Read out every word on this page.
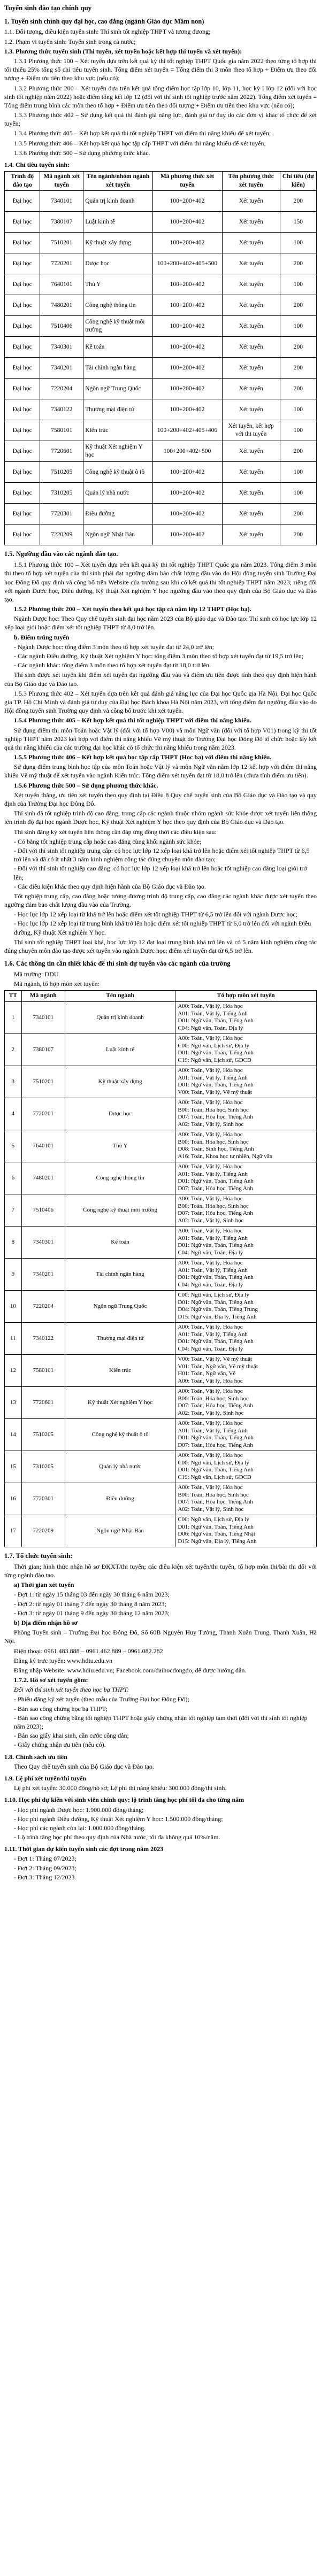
Tuyển sinh đào tạo chính quy
1. Tuyển sinh chính quy đại học, cao đẳng (ngành Giáo dục Mầm non)

1.1. Đối tượng, điều kiện tuyển sinh: Thí sinh tốt nghiệp THPT và tương đương;

1.2. Phạm vi tuyển sinh: Tuyển sinh trong cả nước;

1.3. Phương thức tuyển sinh (Thi tuyển, xét tuyển hoặc kết hợp thi tuyển và xét tuyển):

1.3.1 Phương thức 100 – Xét tuyển dựa trên kết quả kỳ thi tốt nghiệp THPT Quốc gia năm 2022 theo từng tổ hợp thi tối thiểu 25% tổng số chỉ tiêu tuyển sinh. Tổng điểm xét tuyển = Tổng điểm thi 3 môn theo tổ hợp + Điểm ưu theo đối tượng + Điểm ưu tiên theo khu vực (nếu có);

1.3.2 Phương thức 200 – Xét tuyển dựa trên kết quả tổng điểm học tập lớp 10, lớp 11, học kỳ I lớp 12 (đối với học sinh tốt nghiệp năm 2022) hoặc điểm tổng kết lớp 12 (đối với thí sinh tốt nghiệp trước năm 2022). Tổng điểm xét tuyển = Tổng điểm trung bình các môn theo tổ hợp + Điểm ưu tiên theo đối tượng + Điểm ưu tiên theo khu vực (nếu có);

1.3.3 Phương thức 402 – Sử dụng kết quả thi đánh giá năng lực, đánh giá tư duy do các đơn vị khác tổ chức để xét tuyển;

1.3.4 Phương thức 405 – Kết hợp kết quả thi tốt nghiệp THPT với điểm thi năng khiếu để xét tuyển;

1.3.5 Phương thức 406 – Kết hợp kết quả học tập cấp THPT với điểm thi năng khiếu để xét tuyển;

1.3.6 Phương thức 500 – Sử dụng phương thức khác.

1.4. Chỉ tiêu tuyển sinh:
Trình độ đào tạo	Mã ngành xét tuyển	Tên ngành/nhóm ngành xét tuyển	Mã phương thức xét tuyển	Tên phương thức xét tuyển	Chỉ tiêu (dự kiến)
Đại học	7340101	Quản trị kinh doanh	100+200+402	Xét tuyển	200
Đại học	7380107	Luật kinh tế	100+200+402	Xét tuyển	150
Đại học	7510201	Kỹ thuật xây dựng	100+200+402	Xét tuyển	100
Đại học	7720201	Dược học	100+200+402+405+500	Xét tuyển	200
Đại học	7640101	Thú Y	100+200+402	Xét tuyển	100
Đại học	7480201	Công nghệ thông tin	100+200+402	Xét tuyển	200
Đại học	7510406	Công nghệ kỹ thuật môi trường	100+200+402	Xét tuyển	100
Đại học	7340301	Kế toán	100+200+402	Xét tuyển	200
Đại học	7340201	Tài chính ngân hàng	100+200+402	Xét tuyển	200
Đại học	7220204	Ngôn ngữ Trung Quốc	100+200+402	Xét tuyển	200
Đại học	7340122	Thương mại điện tử	100+200+402	Xét tuyển	100
Đại học	7580101	Kiến trúc	100+200+402+405+406	Xét tuyển, kết hợp với thi tuyển	100
Đại học	7720601	Kỹ thuật Xét nghiệm Y học	100+200+402+500	Xét tuyển	200
Đại học	7510205	Công nghệ kỹ thuật ô tô	100+200+402	Xét tuyển	100
Đại học	7310205	Quản lý nhà nước	100+200+402	Xét tuyển	100
Đại học	7720301	Điều dưỡng	100+200+402	Xét tuyển	200
Đại học	7220209	Ngôn ngữ Nhật Bản	100+200+402	Xét tuyển	200
1.5. Ngưỡng đầu vào các ngành đào tạo.

1.5.1 Phương thức 100 – Xét tuyển dựa trên kết quả kỳ thi tốt nghiệp THPT Quốc gia năm 2023. Tổng điểm 3 môn thi theo tổ hợp xét tuyển của thí sinh phải đạt ngưỡng đảm bảo chất lượng đầu vào do Hội đồng tuyển sinh Trường Đại học Đông Đô quy định và công bố trên Website của trường sau khi có kết quả thi tốt nghiệp THPT năm 2023; riêng đối với ngành Dược học, Điều dưỡng, Kỹ thuật Xét nghiệm Y học ngưỡng đầu vào theo quy định của Bộ Giáo dục và Đào tạo.

1.5.2 Phương thức 200 – Xét tuyển theo kết quả học tập cả năm lớp 12 THPT (Học bạ).

Ngành Dược học: Theo Quy chế tuyển sinh đại học năm 2023 của Bộ giáo dục và Đào tạo: Thí sinh có học lực lớp 12 xếp loại giỏi hoặc điểm xét tốt nghiệp THPT từ 8,0 trở lên.

b. Điểm trúng tuyển

- Ngành Dược học: tổng điểm 3 môn theo tổ hợp xét tuyển đạt từ 24,0 trở lên;
- Các ngành Điều dưỡng, Kỹ thuật Xét nghiệm Y học: tổng điểm 3 môn theo tổ hợp xét tuyển đạt từ 19,5 trở lên;
- Các ngành khác: tổng điểm 3 môn theo tổ hợp xét tuyển đạt từ 18,0 trở lên.

Thí sinh được xét tuyển khi điểm xét tuyển đạt ngưỡng đầu vào và điểm ưu tiên được tính theo quy định hiện hành của Bộ Giáo dục và Đào tạo.

1.5.3 Phương thức 402 – Xét tuyển dựa trên kết quả đánh giá năng lực của Đại học Quốc gia Hà Nội, Đại học Quốc gia TP. Hồ Chí Minh và đánh giá tư duy của Đại học Bách khoa Hà Nội năm 2023, với tổng điểm đạt ngưỡng đầu vào do Hội đồng tuyển sinh Trường quy định và công bố trước khi xét tuyển.

1.5.4 Phương thức 405 – Kết hợp kết quả thi tốt nghiệp THPT với điểm thi năng khiếu.

Sử dụng điểm thi môn Toán hoặc Vật lý (đối với tổ hợp V00) và môn Ngữ văn (đối với tổ hợp V01) trong kỳ thi tốt nghiệp THPT năm 2023 kết hợp với điểm thi năng khiếu Vẽ mỹ thuật do Trường Đại học Đông Đô tổ chức hoặc lấy kết quả thi năng khiếu của các trường đại học khác có tổ chức thi năng khiếu trong năm 2023.

1.5.5 Phương thức 406 – Kết hợp kết quả học tập cấp THPT (Học bạ) với điểm thi năng khiếu.

Sử dụng điểm trung bình học tập của môn Toán hoặc Vật lý và môn Ngữ văn năm lớp 12 kết hợp với điểm thi năng khiếu Vẽ mỹ thuật để xét tuyển vào ngành Kiến trúc. Tổng điểm xét tuyển đạt từ 18,0 trở lên (chưa tính điểm ưu tiên).

1.5.6 Phương thức 500 – Sử dụng phương thức khác.

Xét tuyển thẳng, ưu tiên xét tuyển theo quy định tại Điều 8 Quy chế tuyển sinh của Bộ Giáo dục và Đào tạo và quy định của Trường Đại học Đông Đô.

Thí sinh đã tốt nghiệp trình độ cao đẳng, trung cấp các ngành thuộc nhóm ngành sức khỏe được xét tuyển liên thông lên trình độ đại học ngành Dược học, Kỹ thuật Xét nghiệm Y học theo quy định của Bộ Giáo dục và Đào tạo.

Thí sinh đăng ký xét tuyển liên thông cần đáp ứng đồng thời các điều kiện sau:

- Có bằng tốt nghiệp trung cấp hoặc cao đẳng cùng khối ngành sức khỏe;
- Đối với thí sinh tốt nghiệp trung cấp: có học lực lớp 12 xếp loại khá trở lên hoặc điểm xét tốt nghiệp THPT từ 6,5 trở lên và đã có ít nhất 3 năm kinh nghiệm công tác đúng chuyên môn đào tạo;
- Đối với thí sinh tốt nghiệp cao đẳng: có học lực lớp 12 xếp loại khá trở lên hoặc tốt nghiệp cao đẳng loại giỏi trở lên;
- Các điều kiện khác theo quy định hiện hành của Bộ Giáo dục và Đào tạo.

Tốt nghiệp trung cấp, cao đẳng hoặc tương đương trình độ trung cấp, cao đẳng các ngành khác được xét tuyển theo ngưỡng đảm bảo chất lượng đầu vào của Trường.

- Học lực lớp 12 xếp loại từ khá trở lên hoặc điểm xét tốt nghiệp THPT từ 6,5 trở lên đối với ngành Dược học;
- Học lực lớp 12 xếp loại từ trung bình khá trở lên hoặc điểm xét tốt nghiệp THPT từ 6,0 trở lên đối với ngành Điều dưỡng, Kỹ thuật Xét nghiệm Y học.

Thí sinh tốt nghiệp THPT loại khá, học lực lớp 12 đạt loại trung bình khá trở lên và có 5 năm kinh nghiệm công tác đúng chuyên môn đào tạo được xét tuyển vào ngành Dược học; điểm xét tuyển đạt từ 6,5 trở lên.

1.6. Các thông tin cần thiết khác để thí sinh dự tuyển vào các ngành của trường

Mã trường: DDU

Mã ngành, tổ hợp môn xét tuyển:

TT	Mã ngành	Tên ngành	Tổ hợp môn xét tuyển
1	7340101	Quản trị kinh doanh	A00: Toán, Vật lý, Hóa học
A01: Toán, Vật lý, Tiếng Anh
D01: Ngữ văn, Toán, Tiếng Anh
C04: Ngữ văn, Toán, Địa lý
2	7380107	Luật kinh tế	A00: Toán, Vật lý, Hóa học
C00: Ngữ văn, Lịch sử, Địa lý
D01: Ngữ văn, Toán, Tiếng Anh
C19: Ngữ văn, Lịch sử, GDCD
3	7510201	Kỹ thuật xây dựng	A00: Toán, Vật lý, Hóa học
A01: Toán, Vật lý, Tiếng Anh
D01: Ngữ văn, Toán, Tiếng Anh
V00: Toán, Vật lý, Vẽ mỹ thuật
4	7720201	Dược học	A00: Toán, Vật lý, Hóa học
B00: Toán, Hóa học, Sinh học
D07: Toán, Hóa học, Tiếng Anh
A02: Toán, Vật lý, Sinh học
5	7640101	Thú Y	A00: Toán, Vật lý, Hóa học
B00: Toán, Hóa học, Sinh học
D08: Toán, Sinh học, Tiếng Anh
A16: Toán, Khoa học tự nhiên, Ngữ văn
6	7480201	Công nghệ thông tin	A00: Toán, Vật lý, Hóa học
A01: Toán, Vật lý, Tiếng Anh
D01: Ngữ văn, Toán, Tiếng Anh
D07: Toán, Hóa học, Tiếng Anh
7	7510406	Công nghệ kỹ thuật môi trường	A00: Toán, Vật lý, Hóa học
B00: Toán, Hóa học, Sinh học
D07: Toán, Hóa học, Tiếng Anh
A02: Toán, Vật lý, Sinh học
8	7340301	Kế toán	A00: Toán, Vật lý, Hóa học
A01: Toán, Vật lý, Tiếng Anh
D01: Ngữ văn, Toán, Tiếng Anh
C04: Ngữ văn, Toán, Địa lý
9	7340201	Tài chính ngân hàng	A00: Toán, Vật lý, Hóa học
A01: Toán, Vật lý, Tiếng Anh
D01: Ngữ văn, Toán, Tiếng Anh
C04: Ngữ văn, Toán, Địa lý
10	7220204	Ngôn ngữ Trung Quốc	C00: Ngữ văn, Lịch sử, Địa lý
D01: Ngữ văn, Toán, Tiếng Anh
D04: Ngữ văn, Toán, Tiếng Trung
D15: Ngữ văn, Địa lý, Tiếng Anh
11	7340122	Thương mại điện tử	A00: Toán, Vật lý, Hóa học
A01: Toán, Vật lý, Tiếng Anh
D01: Ngữ văn, Toán, Tiếng Anh
C04: Ngữ văn, Toán, Địa lý
12	7580101	Kiến trúc	V00: Toán, Vật lý, Vẽ mỹ thuật
V01: Toán, Ngữ văn, Vẽ mỹ thuật
H01: Toán, Ngữ văn, Vẽ
A00: Toán, Vật lý, Hóa học
13	7720601	Kỹ thuật Xét nghiệm Y học	A00: Toán, Vật lý, Hóa học
B00: Toán, Hóa học, Sinh học
D07: Toán, Hóa học, Tiếng Anh
A02: Toán, Vật lý, Sinh học
14	7510205	Công nghệ kỹ thuật ô tô	A00: Toán, Vật lý, Hóa học
A01: Toán, Vật lý, Tiếng Anh
D01: Ngữ văn, Toán, Tiếng Anh
D07: Toán, Hóa học, Tiếng Anh
15	7310205	Quản lý nhà nước	A00: Toán, Vật lý, Hóa học
C00: Ngữ văn, Lịch sử, Địa lý
D01: Ngữ văn, Toán, Tiếng Anh
C19: Ngữ văn, Lịch sử, GDCD
16	7720301	Điều dưỡng	A00: Toán, Vật lý, Hóa học
B00: Toán, Hóa học, Sinh học
D07: Toán, Hóa học, Tiếng Anh
A02: Toán, Vật lý, Sinh học
17	7220209	Ngôn ngữ Nhật Bản	C00: Ngữ văn, Lịch sử, Địa lý
D01: Ngữ văn, Toán, Tiếng Anh
D06: Ngữ văn, Toán, Tiếng Nhật
D15: Ngữ văn, Địa lý, Tiếng Anh
1.7. Tổ chức tuyển sinh:

Thời gian; hình thức nhận hồ sơ ĐKXT/thi tuyển; các điều kiện xét tuyển/thi tuyển, tổ hợp môn thi/bài thi đối với từng ngành đào tạo.

a) Thời gian xét tuyển

- Đợt 1: từ ngày 15 tháng 03 đến ngày 30 tháng 6 năm 2023;
- Đợt 2: từ ngày 01 tháng 7 đến ngày 30 tháng 8 năm 2023;
- Đợt 3: từ ngày 01 tháng 9 đến ngày 30 tháng 12 năm 2023;

b) Địa điểm nhận hồ sơ

Phòng Tuyển sinh – Trường Đại học Đông Đô, Số 60B Nguyễn Huy Tưởng, Thanh Xuân Trung, Thanh Xuân, Hà Nội.

Điện thoại: 0961.483.888 – 0961.462.889 – 0961.082.282

Đăng ký trực tuyến: www.hdiu.edu.vn

Đăng nhập Website: www.hdiu.edu.vn; Facebook.com/daihocdongdo, để được hướng dẫn.

1.7.2. Hồ sơ xét tuyển gồm:

Đối với thí sinh xét tuyển theo học bạ THPT:

- Phiếu đăng ký xét tuyển (theo mẫu của Trường Đại học Đông Đô);
- Bản sao công chứng học bạ THPT;
- Bản sao công chứng bằng tốt nghiệp THPT hoặc giấy chứng nhận tốt nghiệp tạm thời (đối với thí sinh tốt nghiệp năm 2023);
- Bản sao giấy khai sinh, căn cước công dân;
- Giấy chứng nhận ưu tiên (nếu có).
1.8. Chính sách ưu tiên

Theo Quy chế tuyển sinh của Bộ Giáo dục và Đào tạo.

1.9. Lệ phí xét tuyển/thi tuyển

Lệ phí xét tuyển: 30.000 đồng/hồ sơ; Lệ phí thi năng khiếu: 300.000 đồng/thí sinh.

1.10. Học phí dự kiến với sinh viên chính quy; lộ trình tăng học phí tối đa cho từng năm
- Học phí ngành Dược học: 1.900.000 đồng/tháng;
- Học phí ngành Điều dưỡng, Kỹ thuật Xét nghiệm Y học: 1.500.000 đồng/tháng;
- Học phí các ngành còn lại: 1.000.000 đồng/tháng.
- Lộ trình tăng học phí theo quy định của Nhà nước, tối đa không quá 10%/năm.
1.11. Thời gian dự kiến tuyển sinh các đợt trong năm 2023
- Đợt 1: Tháng 07/2023;
- Đợt 2: Tháng 09/2023;
- Đợt 3: Tháng 12/2023.
